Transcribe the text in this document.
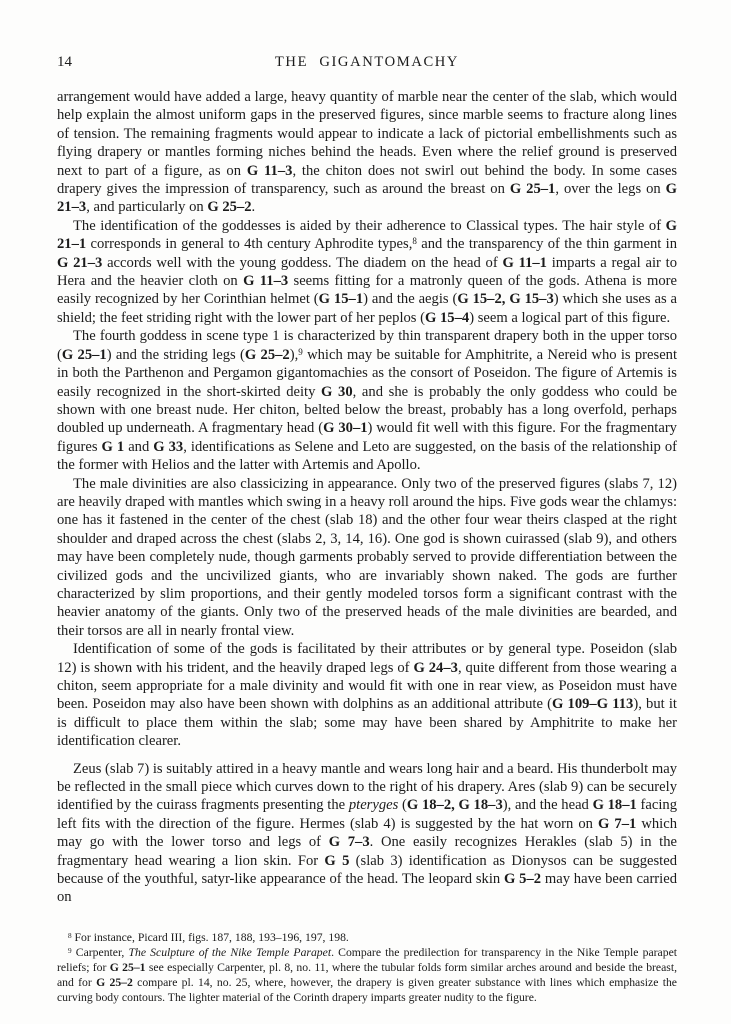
14	THE GIGANTOMACHY

arrangement would have added a large, heavy quantity of marble near the center of the slab, which would help explain the almost uniform gaps in the preserved figures, since marble seems to fracture along lines of tension. The remaining fragments would appear to indicate a lack of pictorial embellishments such as flying drapery or mantles forming niches behind the heads. Even where the relief ground is preserved next to part of a figure, as on G 11–3, the chiton does not swirl out behind the body. In some cases drapery gives the impression of transparency, such as around the breast on G 25–1, over the legs on G 21–3, and particularly on G 25–2.

The identification of the goddesses is aided by their adherence to Classical types. The hair style of G 21–1 corresponds in general to 4th century Aphrodite types,$^8$ and the transparency of the thin garment in G 21–3 accords well with the young goddess. The diadem on the head of G 11–1 imparts a regal air to Hera and the heavier cloth on G 11–3 seems fitting for a matronly queen of the gods. Athena is more easily recognized by her Corinthian helmet (G 15–1) and the aegis (G 15–2, G 15–3) which she uses as a shield; the feet striding right with the lower part of her peplos (G 15–4) seem a logical part of this figure.

The fourth goddess in scene type 1 is characterized by thin transparent drapery both in the upper torso (G 25–1) and the striding legs (G 25–2),$^9$ which may be suitable for Amphitrite, a Nereid who is present in both the Parthenon and Pergamon gigantomachies as the consort of Poseidon. The figure of Artemis is easily recognized in the short-skirted deity G 30, and she is probably the only goddess who could be shown with one breast nude. Her chiton, belted below the breast, probably has a long overfold, perhaps doubled up underneath. A fragmentary head (G 30–1) would fit well with this figure. For the fragmentary figures G 1 and G 33, identifications as Selene and Leto are suggested, on the basis of the relationship of the former with Helios and the latter with Artemis and Apollo.

The male divinities are also classicizing in appearance. Only two of the preserved figures (slabs 7, 12) are heavily draped with mantles which swing in a heavy roll around the hips. Five gods wear the chlamys: one has it fastened in the center of the chest (slab 18) and the other four wear theirs clasped at the right shoulder and draped across the chest (slabs 2, 3, 14, 16). One god is shown cuirassed (slab 9), and others may have been completely nude, though garments probably served to provide differentiation between the civilized gods and the uncivilized giants, who are invariably shown naked. The gods are further characterized by slim proportions, and their gently modeled torsos form a significant contrast with the heavier anatomy of the giants. Only two of the preserved heads of the male divinities are bearded, and their torsos are all in nearly frontal view.

Identification of some of the gods is facilitated by their attributes or by general type. Poseidon (slab 12) is shown with his trident, and the heavily draped legs of G 24–3, quite different from those wearing a chiton, seem appropriate for a male divinity and would fit with one in rear view, as Poseidon must have been. Poseidon may also have been shown with dolphins as an additional attribute (G 109–G 113), but it is difficult to place them within the slab; some may have been shared by Amphitrite to make her identification clearer.

Zeus (slab 7) is suitably attired in a heavy mantle and wears long hair and a beard. His thunderbolt may be reflected in the small piece which curves down to the right of his drapery. Ares (slab 9) can be securely identified by the cuirass fragments presenting the pteryges (G 18–2, G 18–3), and the head G 18–1 facing left fits with the direction of the figure. Hermes (slab 4) is suggested by the hat worn on G 7–1 which may go with the lower torso and legs of G 7–3. One easily recognizes Herakles (slab 5) in the fragmentary head wearing a lion skin. For G 5 (slab 3) identification as Dionysos can be suggested because of the youthful, satyr-like appearance of the head. The leopard skin G 5–2 may have been carried on

$^8$ For instance, Picard III, figs. 187, 188, 193–196, 197, 198.

$^9$ Carpenter, The Sculpture of the Nike Temple Parapet. Compare the predilection for transparency in the Nike Temple parapet reliefs; for G 25–1 see especially Carpenter, pl. 8, no. 11, where the tubular folds form similar arches around and beside the breast, and for G 25–2 compare pl. 14, no. 25, where, however, the drapery is given greater substance with lines which emphasize the curving body contours. The lighter material of the Corinth drapery imparts greater nudity to the figure.
